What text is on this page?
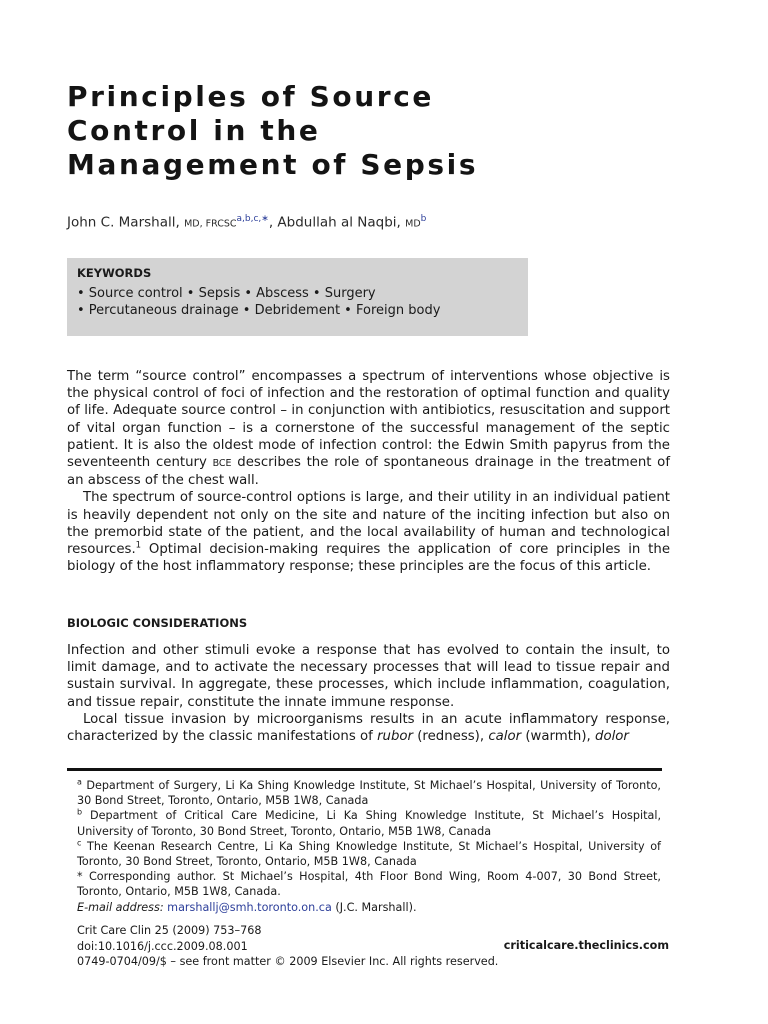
Principles of Source
Control in the
Management of Sepsis
John C. Marshall, MD, $FRCSC^{a,b,c,∗}$, Abdullah al Naqbi, $MD^b$
KEYWORDS
• Source control • Sepsis • Abscess • Surgery
• Percutaneous drainage • Debridement • Foreign body

The term “source control” encompasses a spectrum of interventions whose objective is the physical control of foci of infection and the restoration of optimal function and quality of life. Adequate source control – in conjunction with antibiotics, resuscitation and support of vital organ function – is a cornerstone of the successful management of the septic patient. It is also the oldest mode of infection control: the Edwin Smith papyrus from the seventeenth century BCE describes the role of spontaneous drainage in the treatment of an abscess of the chest wall.

The spectrum of source-control options is large, and their utility in an individual patient is heavily dependent not only on the site and nature of the inciting infection but also on the premorbid state of the patient, and the local availability of human and technological resources.$^1$ Optimal decision-making requires the application of core principles in the biology of the host inflammatory response; these principles are the focus of this article.

BIOLOGIC CONSIDERATIONS

Infection and other stimuli evoke a response that has evolved to contain the insult, to limit damage, and to activate the necessary processes that will lead to tissue repair and sustain survival. In aggregate, these processes, which include inflammation, coagulation, and tissue repair, constitute the innate immune response.

Local tissue invasion by microorganisms results in an acute inflammatory response, characterized by the classic manifestations of rubor (redness), calor (warmth), dolor

$^a$ Department of Surgery, Li Ka Shing Knowledge Institute, St Michael’s Hospital, University of Toronto, 30 Bond Street, Toronto, Ontario, M5B 1W8, Canada

$^b$ Department of Critical Care Medicine, Li Ka Shing Knowledge Institute, St Michael’s Hospital, University of Toronto, 30 Bond Street, Toronto, Ontario, M5B 1W8, Canada

$^c$ The Keenan Research Centre, Li Ka Shing Knowledge Institute, St Michael’s Hospital, University of Toronto, 30 Bond Street, Toronto, Ontario, M5B 1W8, Canada

* Corresponding author. St Michael’s Hospital, 4th Floor Bond Wing, Room 4-007, 30 Bond Street, Toronto, Ontario, M5B 1W8, Canada.

E-mail address: marshallj@smh.toronto.on.ca (J.C. Marshall).

Crit Care Clin 25 (2009) 753–768
doi:10.1016/j.ccc.2009.08.001
0749-0704/09/$ – see front matter © 2009 Elsevier Inc. All rights reserved.
criticalcare.theclinics.com
